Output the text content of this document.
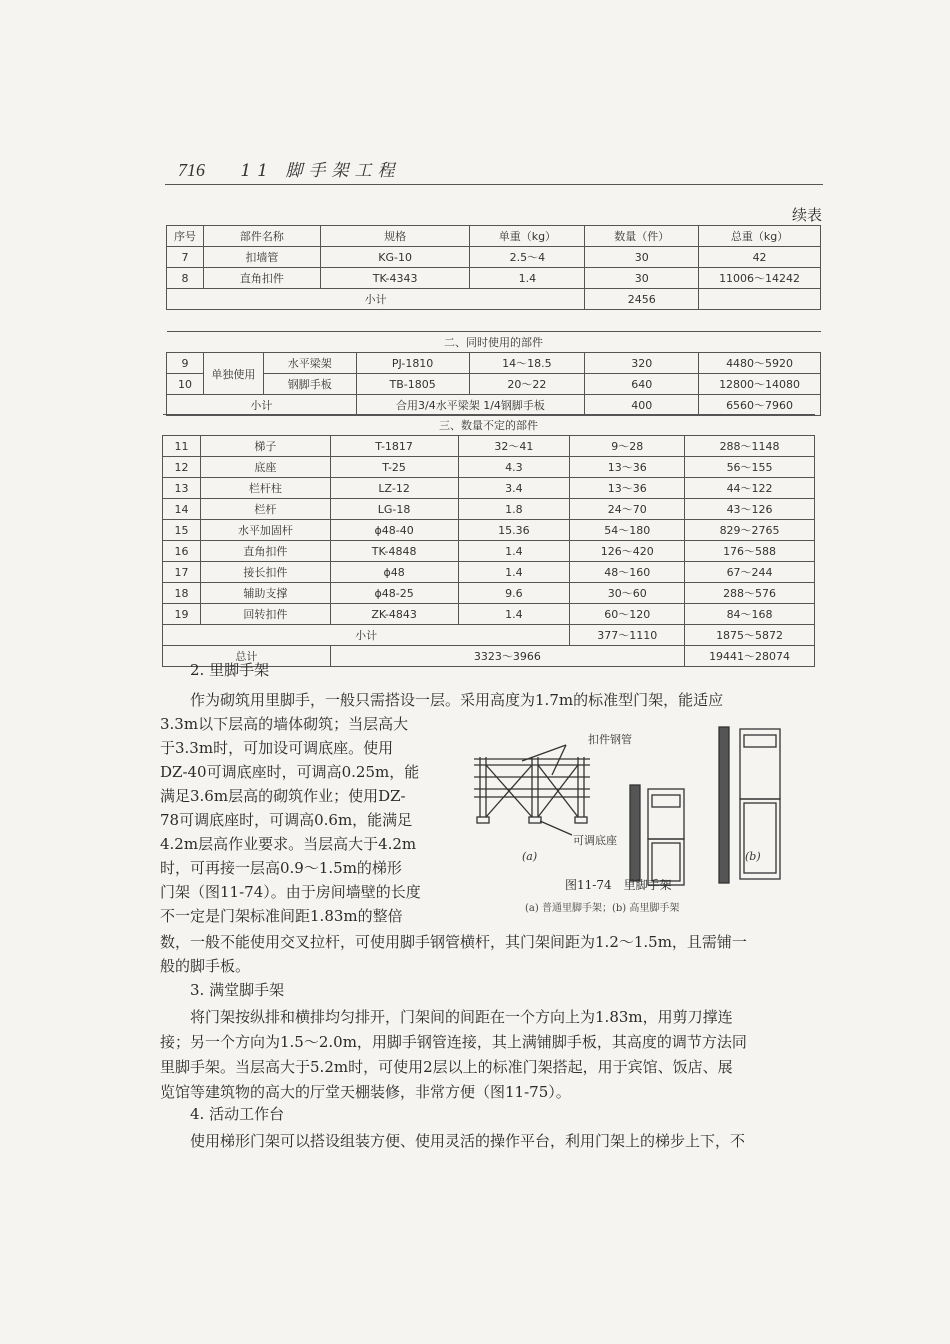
716 11 脚手架工程
续表
序号	部件名称	规格	单重（kg）	数量（件）	总重（kg）
7	扣墙管	KG-10	2.5～4	30	42
8	直角扣件	TK-4343	1.4	30	11006～14242
小计				2456	
二、同时使用的部件						
9	单独使用	水平梁架	PJ-1810	14～18.5	320	4480～5920
10		钢脚手板	TB-1805	20～22	640	12800～14080
小计			合用3/4水平梁架 1/4钢脚手板		400	6560～7960
三、数量不定的部件					
11	梯子	T-1817	32～41	9～28	288～1148
12	底座	T-25	4.3	13～36	56～155
13	栏杆柱	LZ-12	3.4	13～36	44～122
14	栏杆	LG-18	1.8	24～70	43～126
15	水平加固杆	ϕ48-40	15.36	54～180	829～2765
16	直角扣件	TK-4848	1.4	126～420	176～588
17	接长扣件	ϕ48	1.4	48～160	67～244
18	辅助支撑	ϕ48-25	9.6	30～60	288～576
19	回转扣件	ZK-4843	1.4	60～120	84～168
小计				377～1110	1875～5872
总计		3323～3966			19441～28074
2. 里脚手架
作为砌筑用里脚手，一般只需搭设一层。采用高度为1.7m的标准型门架，能适应
3.3m以下层高的墙体砌筑；当层高大
于3.3m时，可加设可调底座。使用
DZ-40可调底座时，可调高0.25m，能
满足3.6m层高的砌筑作业；使用DZ-
78可调底座时，可调高0.6m，能满足
4.2m层高作业要求。当层高大于4.2m
时，可再接一层高0.9～1.5m的梯形
门架（图11-74）。由于房间墙壁的长度
不一定是门架标准间距1.83m的整倍
数，一般不能使用交叉拉杆，可使用脚手钢管横杆，其门架间距为1.2～1.5m，且需铺一
般的脚手板。
3. 满堂脚手架
将门架按纵排和横排均匀排开，门架间的间距在一个方向上为1.83m，用剪刀撑连
接；另一个方向为1.5～2.0m，用脚手钢管连接，其上满铺脚手板，其高度的调节方法同
里脚手架。当层高大于5.2m时，可使用2层以上的标准门架搭起，用于宾馆、饭店、展
览馆等建筑物的高大的厅堂天棚装修，非常方便（图11-75）。
4. 活动工作台
使用梯形门架可以搭设组装方便、使用灵活的操作平台，利用门架上的梯步上下，不
扣件钢管
可调底座
(a)	(b)
图11-74　里脚手架
(a) 普通里脚手架；(b) 高里脚手架
